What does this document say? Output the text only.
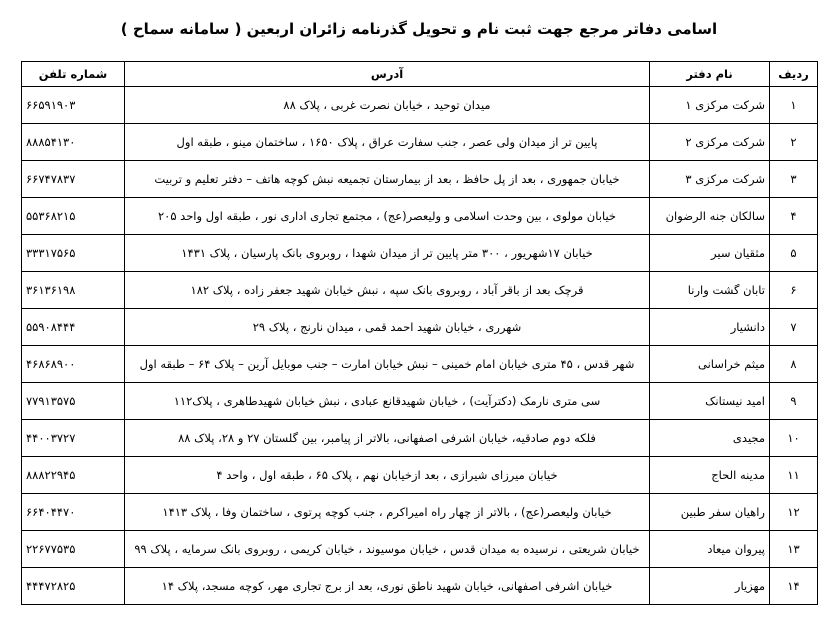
اسامی دفاتر مرجع جهت ثبت نام و تحویل گذرنامه زائران اربعین ( سامانه سماح )
ردیف	نام دفتر	آدرس	شماره تلفن
۱	شرکت مرکزی ۱	میدان توحید ، خیابان نصرت غربی ، پلاک ۸۸	۶۶۵۹۱۹۰۳
۲	شرکت مرکزی ۲	پایین تر از میدان ولی عصر ، جنب سفارت عراق ، پلاک ۱۶۵۰ ، ساختمان مینو ، طبقه اول	۸۸۸۵۴۱۳۰
۳	شرکت مرکزی ۳	خیابان جمهوری ، بعد از پل حافظ ، بعد از بیمارستان تجمیعه نبش کوچه هاتف – دفتر تعلیم و تربیت	۶۶۷۴۷۸۳۷
۴	سالکان جنه الرضوان	خیابان مولوی ، بین وحدت اسلامی و ولیعصر(عج) ، مجتمع تجاری اداری نور ، طبقه اول واحد ۲۰۵	۵۵۳۶۸۲۱۵
۵	مثقیان سیر	خیابان ۱۷شهریور ، ۳۰۰ متر پایین تر از میدان شهدا ، روبروی بانک پارسیان ، پلاک ۱۴۳۱	۳۳۳۱۷۵۶۵
۶	تابان گشت وارنا	قرچک بعد از باقر آباد ، روبروی بانک سپه ، نبش خیابان شهید جعفر زاده ، پلاک ۱۸۲	۳۶۱۳۶۱۹۸
۷	دانشیار	شهرری ، خیابان شهید احمد قمی ، میدان نارنج ، پلاک ۲۹	۵۵۹۰۸۴۴۴
۸	میثم خراسانی	شهر قدس ، ۴۵ متری خیابان امام خمینی – نبش خیابان امارت – جنب موبایل آرین – پلاک ۶۴ – طبقه اول	۴۶۸۶۸۹۰۰
۹	امید نیستانک	سی متری نارمک (دکترآیت) ، خیابان شهیدقانع عبادی ، نبش خیابان شهیدطاهری ، پلاک۱۱۲	۷۷۹۱۳۵۷۵
۱۰	مجیدی	فلکه دوم صادقیه، خیابان اشرفی اصفهانی، بالاتر از پیامبر، بین گلستان ۲۷ و ۲۸، پلاک ۸۸	۴۴۰۰۳۷۲۷
۱۱	مدینه الحاج	خیابان میرزای شیرازی ، بعد ازخیابان نهم ، پلاک ۶۵ ، طبقه اول ، واحد ۴	۸۸۸۲۲۹۴۵
۱۲	راهیان سفر طبین	خیابان ولیعصر(عج) ، بالاتر از چهار راه امیراکرم ، جنب کوچه پرتوی ، ساختمان وفا ، پلاک ۱۴۱۳	۶۶۴۰۴۴۷۰
۱۳	پیروان میعاد	خیابان شریعتی ، نرسیده به میدان قدس ، خیابان موسیوند ، خیابان کریمی ، روبروی بانک سرمایه ، پلاک ۹۹	۲۲۶۷۷۵۳۵
۱۴	مهزیار	خیابان اشرفی اصفهانی، خیابان شهید ناطق نوری، بعد از برج تجاری مهر، کوچه مسجد، پلاک ۱۴	۴۴۴۷۲۸۲۵
